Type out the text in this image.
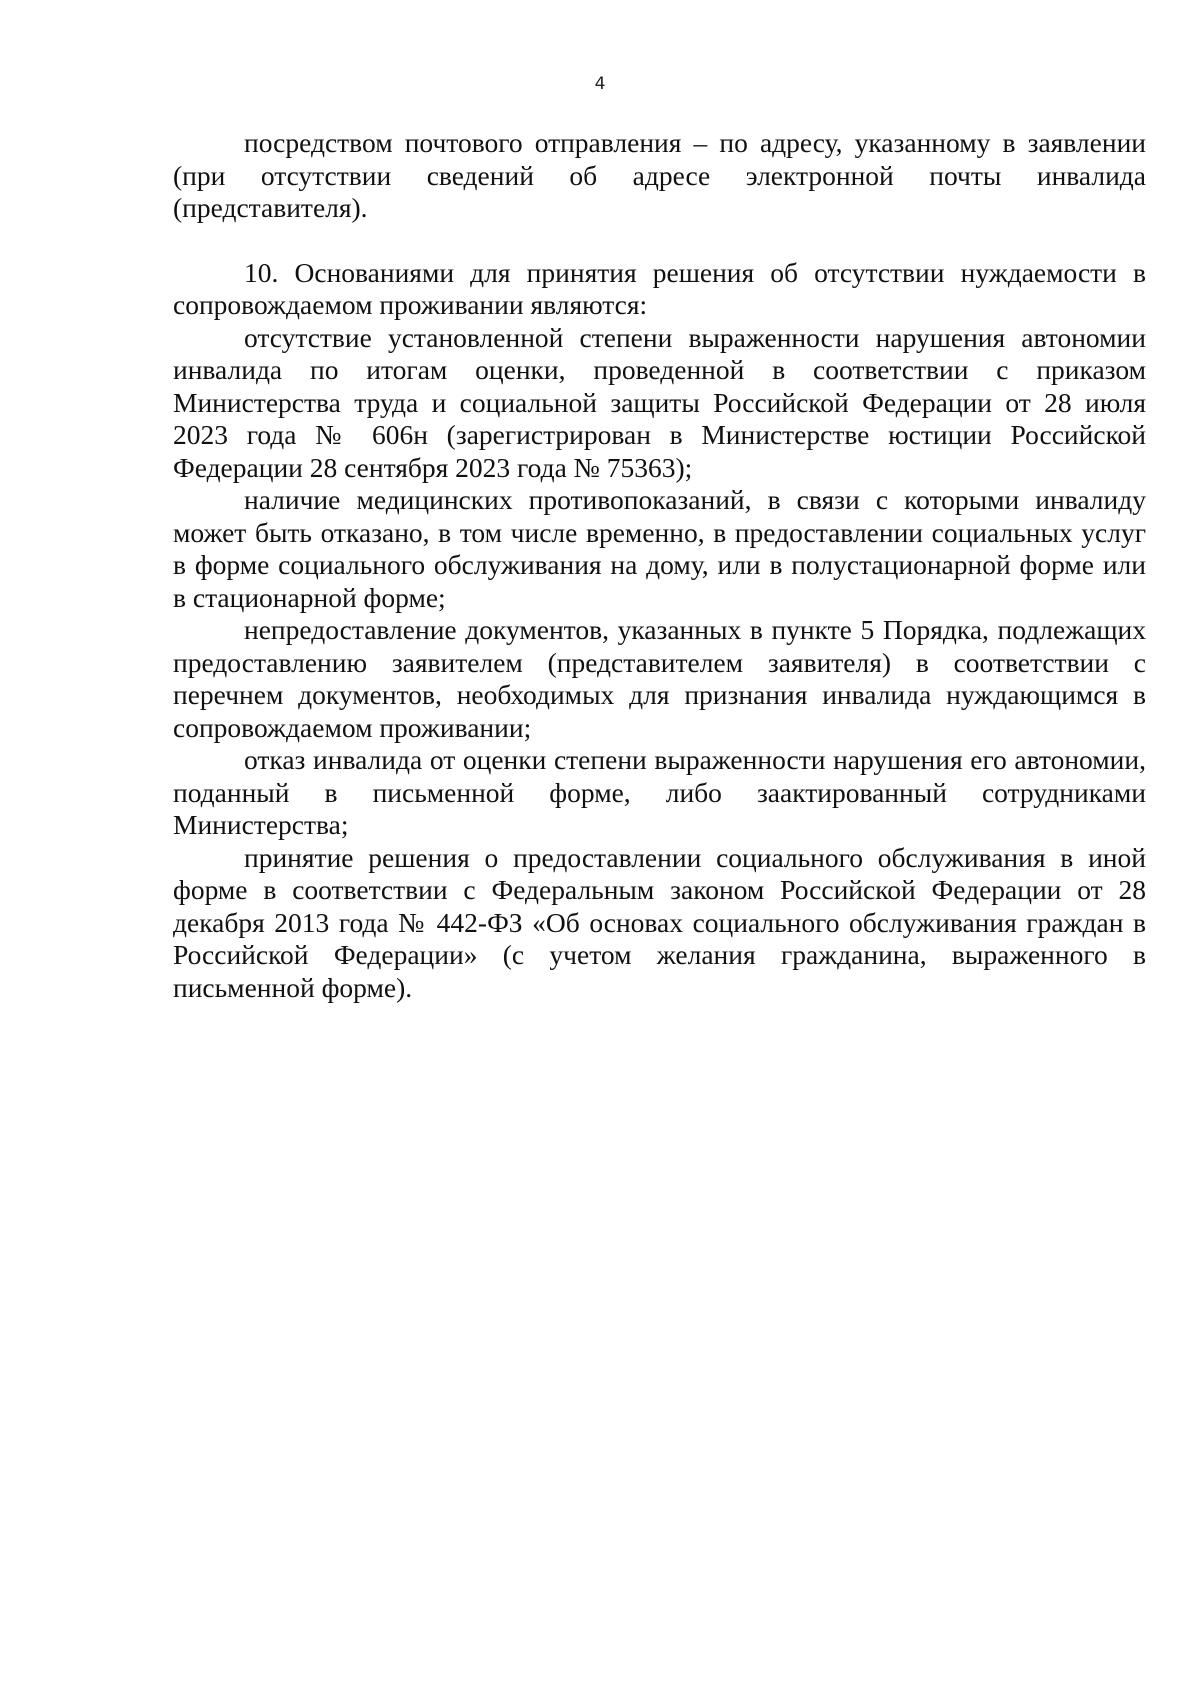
4

посредством почтового отправления – по адресу, указанному в заявлении (при отсутствии сведений об адресе электронной почты инвалида (представителя).

10. Основаниями для принятия решения об отсутствии нуждаемости в сопровождаемом проживании являются:

отсутствие установленной степени выраженности нарушения автономии инвалида по итогам оценки, проведенной в соответствии с приказом Министерства труда и социальной защиты Российской Федерации от 28 июля 2023 года № 606н (зарегистрирован в Министерстве юстиции Российской Федерации 28 сентября 2023 года № 75363);

наличие медицинских противопоказаний, в связи с которыми инвалиду может быть отказано, в том числе временно, в предоставлении социальных услуг в форме социального обслуживания на дому, или в полустационарной форме или в стационарной форме;

непредоставление документов, указанных в пункте 5 Порядка, подлежащих предоставлению заявителем (представителем заявителя) в соответствии с перечнем документов, необходимых для признания инвалида нуждающимся в сопровождаемом проживании;

отказ инвалида от оценки степени выраженности нарушения его автономии, поданный в письменной форме, либо заактированный сотрудниками Министерства;

принятие решения о предоставлении социального обслуживания в иной форме в соответствии с Федеральным законом Российской Федерации от 28 декабря 2013 года № 442-ФЗ «Об основах социального обслуживания граждан в Российской Федерации» (с учетом желания гражданина, выраженного в письменной форме).
